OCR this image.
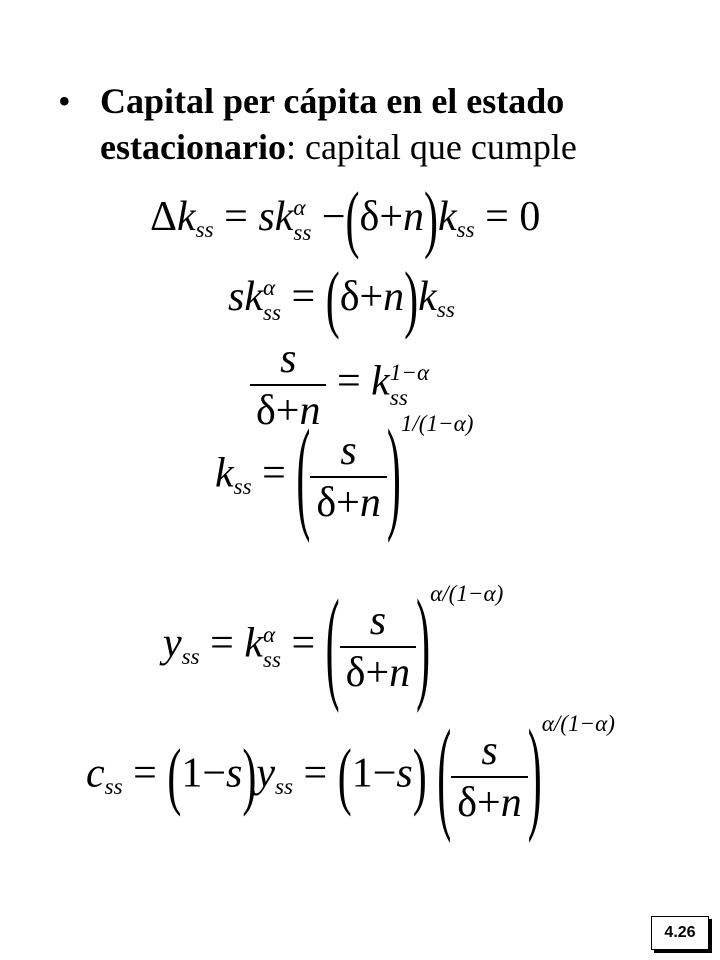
• Capital per cápita en el estado estacionario: capital que cumple
Δkss = sk α
ss −(δ+n)kss = 0
sk α
ss = (δ+n)kss
$\frac{s}{\delta+n} = k$ 1−α
ss
kss = ( $\frac{s}{\delta+n} )1/(1-\alpha)$
yss = k α
ss = ( $\frac{s}{\delta+n} )\alpha/(1-\alpha)$
css = (1−s)yss = (1−s) ( $\frac{s}{\delta+n} )\alpha/(1-\alpha)$
4.26
